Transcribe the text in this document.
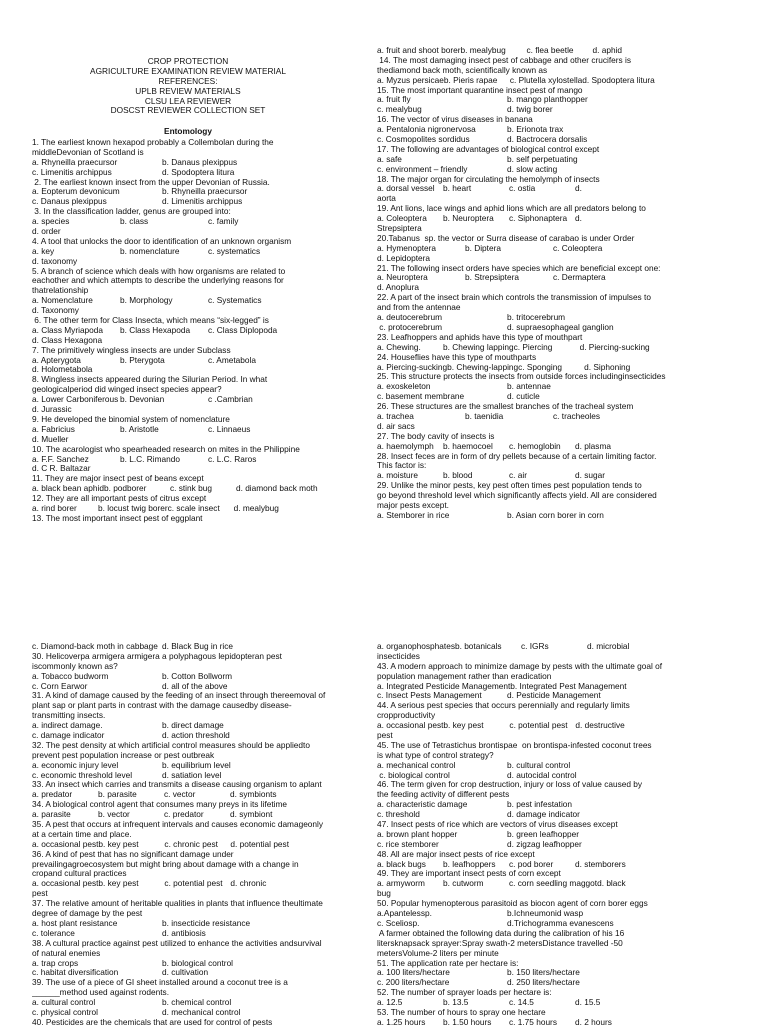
CROP PROTECTION
AGRICULTURE EXAMINATION REVIEW MATERIAL
REFERENCES:
UPLB REVIEW MATERIALS
CLSU LEA REVIEWER
DOSCST REVIEWER COLLECTION SET
Entomology
1. The earliest known hexapod probably a Collembolan during the
middleDevonian of Scotland is
a. Rhyneilla praecursor	b. Danaus plexippus
c. Limenitis archippus	d. Spodoptera litura
2. The earliest known insect from the upper Devonian of Russia.
a. Eopterum devonicum	b. Rhyneilla praecursor
c. Danaus plexippus	d. Limenitis archippus
3. In the classification ladder, genus are grouped into:
a. species	b. class	c. family
d. order
4. A tool that unlocks the door to identification of an unknown organism
a. key	b. nomenclature	c. systematics
d. taxonomy
5. A branch of science which deals with how organisms are related to
eachother and which attempts to describe the underlying reasons for
thatrelationship
a. Nomenclature	b. Morphology	c. Systematics
d. Taxonomy
6. The other term for Class Insecta, which means “six-legged” is
a. Class Myriapoda b. Class Hexapoda c. Class Diplopoda
d. Class Hexagona
7. The primitively wingless insects are under Subclass
a. Apterygota	b. Pterygota	c. Ametabola
d. Holometabola
8. Wingless insects appeared during the Silurian Period. In what
geologicalperiod did winged insect species appear?
a. Lower Carboniferous b. Devonian	c .Cambrian
d. Jurassic
9. He developed the binomial system of nomenclature
a. Fabricius	b. Aristotle	c. Linnaeus
d. Mueller
10. The acarologist who spearheaded research on mites in the Philippine
a. F.F. Sanchez	b. L.C. Rimando	c. L.C. Raros
d. C R. Baltazar
11. They are major insect pest of beans except
a. black bean aphidb. podborer	c. stink bug	d. diamond back moth
12. They are all important pests of citrus except
a. rind borer	b. locust twig borerc. scale insect d. mealybug
13. The most important insect pest of eggplant
a. fruit and shoot borerb. mealybug	c. flea beetle d. aphid
14. The most damaging insect pest of cabbage and other crucifers is
thediamond back moth, scientifically known as
a. Myzus persicaeb. Pieris rapae c. Plutella xylostellad. Spodoptera litura
15. The most important quarantine insect pest of mango
a. fruit fly	b. mango planthopper
c. mealybug	d. twig borer
16. The vector of virus diseases in banana
a. Pentalonia nigronervosa	b. Erionota trax
c. Cosmopolites sordidus	d. Bactrocera dorsalis
17. The following are advantages of biological control except
a. safe	b. self perpetuating
c. environment – friendly	d. slow acting
18. The major organ for circulating the hemolymph of insects
a. dorsal vessel b. heart	c. ostia	d.
aorta
19. Ant lions, lace wings and aphid lions which are all predators belong to
a. Coleoptera b. Neuroptera c. Siphonaptera d.
Strepsiptera
20.Tabanus  sp. the vector or Surra disease of carabao is under Order
a. Hymenoptera	b. Diptera	c. Coleoptera
d. Lepidoptera
21. The following insect orders have species which are beneficial except one:
a. Neuroptera	b. Strepsiptera	c. Dermaptera
d. Anoplura
22. A part of the insect brain which controls the transmission of impulses to
and from the antennae
a. deutocerebrum	b. tritocerebrum
c. protocerebrum	d. supraesophageal ganglion
23. Leafhoppers and aphids have this type of mouthpart
a. Chewing.	b. Chewing lappingc. Piercing	d. Piercing-sucking
24. Houseflies have this type of mouthparts
a. Piercing-suckingb. Chewing-lappingc. Sponging	d. Siphoning
25. This structure protects the insects from outside forces includinginsecticides
a. exoskeleton	b. antennae
c. basement membrane	d. cuticle
26. These structures are the smallest branches of the tracheal system
a. trachea	b. taenidia	c. tracheoles
d. air sacs
27. The body cavity of insects is
a. haemolymph b. haemocoel c. hemoglobin d. plasma
28. Insect feces are in form of dry pellets because of a certain limiting factor.
This factor is:
a. moisture	b. blood	c. air	d. sugar
29. Unlike the minor pests, key pest often times pest population tends to
go beyond threshold level which significantly affects yield. All are considered
major pests except.
a. Stemborer in rice	b. Asian corn borer in corn
c. Diamond-back moth in cabbage d. Black Bug in rice
30. Helicoverpa armigera armigera a polyphagous lepidopteran pest
iscommonly known as?
a. Tobacco budworm	b. Cotton Bollworm
c. Corn Earwor	d. all of the above
31. A kind of damage caused by the feeding of an insect through thereemoval of
plant sap or plant parts in contrast with the damage causedby disease-
transmitting insects.
a. indirect damage.	b. direct damage
c. damage indicator	d. action threshold
32. The pest density at which artificial control measures should be appliedto
prevent pest population increase or pest outbreak
a. economic injury level	b. equilibrium level
c. economic threshold level	d. satiation level
33. An insect which carries and transmits a disease causing organism to aplant
a. predator	b. parasite	c. vector	d. symbionts
34. A biological control agent that consumes many preys in its lifetime
a. parasite	b. vector	c. predator	d. symbiont
35. A pest that occurs at infrequent intervals and causes economic damageonly
at a certain time and place.
a. occasional pestb. key pest	c. chronic pest d. potential pest
36. A kind of pest that has no significant damage under
prevailingagroecosystem but might bring about damage with a change in
cropand cultural practices
a. occasional pestb. key pest	c. potential pest d. chronic
pest
37. The relative amount of heritable qualities in plants that influence theultimate
degree of damage by the pest
a. host plant resistance	b. insecticide resistance
c. tolerance	d. antibiosis
38. A cultural practice against pest utilized to enhance the activities andsurvival
of natural enemies
a. trap crops	b. biological control
c. habitat diversification	d. cultivation
39. The use of a piece of GI sheet installed around a coconut tree is a
______method used against rodents.
a. cultural control	b. chemical control
c. physical control	d. mechanical control
40. Pesticides are the chemicals that are used for control of pests
a. organophosphatesb. botanicals c. IGRs	d. microbial
insecticides
43. A modern approach to minimize damage by pests with the ultimate goal of
population management rather than eradication
a. Integrated Pesticide Managementb. Integrated Pest Management
c. Insect Pests Management	d. Pesticide Management
44. A serious pest species that occurs perennially and regularly limits
cropproductivity
a. occasional pestb. key pest	c. potential pest d. destructive
pest
45. The use of Tetrastichus brontispae  on brontispa-infested coconut trees
is what type of control strategy?
a. mechanical control	b. cultural control
c. biological control	d. autocidal control
46. The term given for crop destruction, injury or loss of value caused by
the feeding activity of different pests
a. characteristic damage	b. pest infestation
c. threshold	d. damage indicator
47. Insect pests of rice which are vectors of virus diseases except
a. brown plant hopper	b. green leafhopper
c. rice stemborer	d. zigzag leafhopper
48. All are major insect pests of rice except
a. black bugs b. leafhoppers c. pod borer	d. stemborers
49. They are important insect pests of corn except
a. armyworm b. cutworm	c. corn seedling maggotd. black
bug
50. Popular hymenopterous parasitoid as biocon agent of corn borer eggs
a.Apantelessp.	b.Ichneumonid wasp
c. Sceliosp.	d.Trichogramma evanescens
A farmer obtained the following data during the calibration of his 16
litersknapsack sprayer:Spray swath-2 metersDistance travelled -50
metersVolume-2 liters per minute
51. The application rate per hectare is:
a. 100 liters/hectare	b. 150 liters/hectare
c. 200 liters/hectare	d. 250 liters/hectare
52. The number of sprayer loads per hectare is:
a. 12.5	b. 13.5	c. 14.5	d. 15.5
53. The number of hours to spray one hectare
a. 1.25 hours b. 1.50 hours c. 1.75 hours d. 2 hours
